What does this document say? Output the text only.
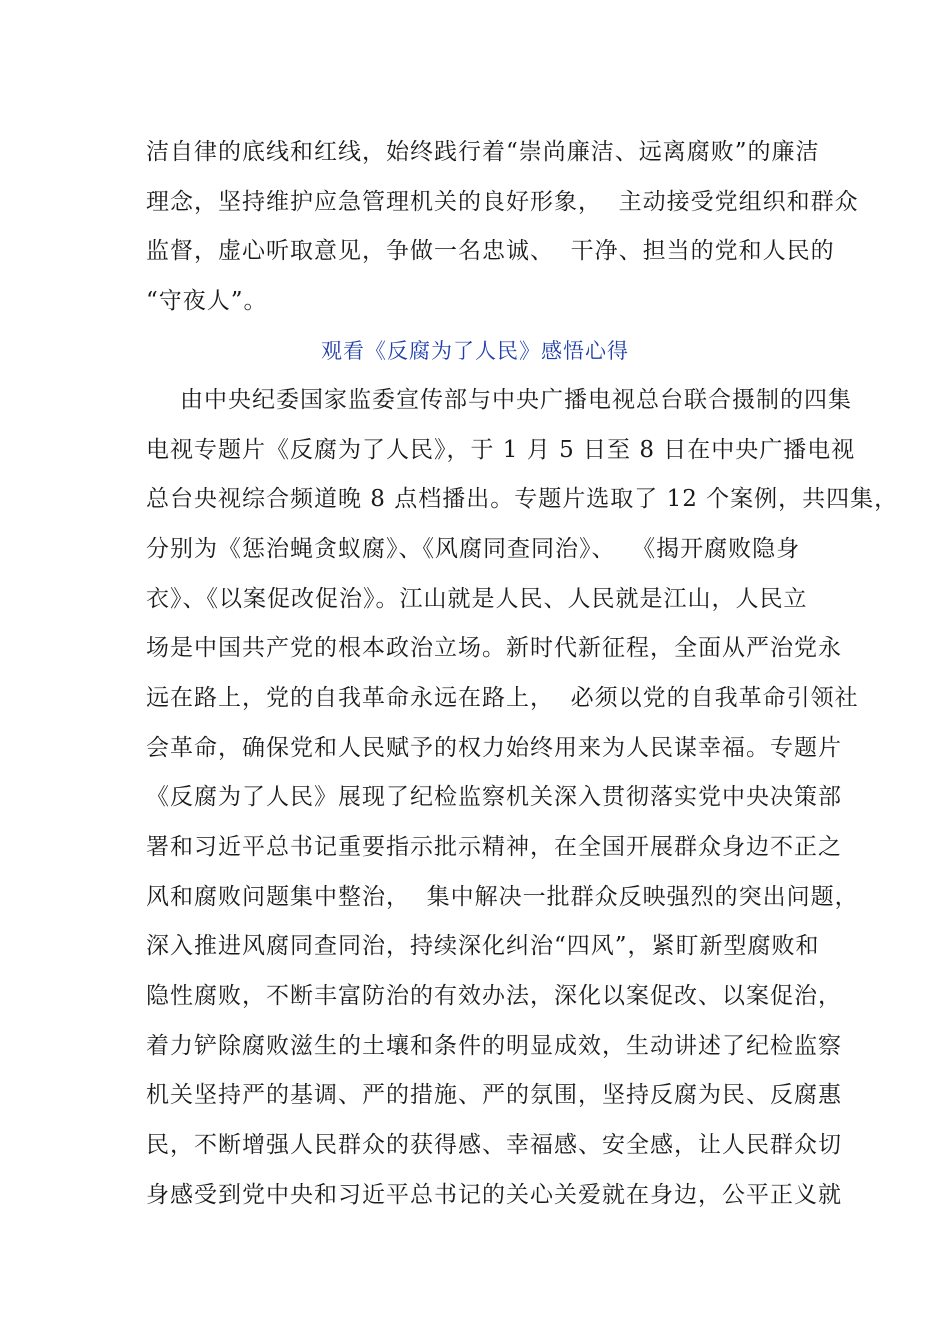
洁自律的底线和红线，始终践行着“崇尚廉洁、远离腐败”的廉洁
理念，坚持维护应急管理机关的良好形象，  主动接受党组织和群众
监督，虚心听取意见，争做一名忠诚、  干净、担当的党和人民的
“守夜人”。
观看《反腐为了人民》感悟心得
由中央纪委国家监委宣传部与中央广播电视总台联合摄制的四集
电视专题片《反腐为了人民》，于 1 月 5 日至 8 日在中央广播电视
总台央视综合频道晚 8 点档播出。专题片选取了 12 个案例，共四集，
分别为《惩治蝇贪蚁腐》、《风腐同查同治》、  《揭开腐败隐身
衣》、《以案促改促治》。江山就是人民、人民就是江山，人民立
场是中国共产党的根本政治立场。新时代新征程，全面从严治党永
远在路上，党的自我革命永远在路上，  必须以党的自我革命引领社
会革命，确保党和人民赋予的权力始终用来为人民谋幸福。专题片
《反腐为了人民》展现了纪检监察机关深入贯彻落实党中央决策部
署和习近平总书记重要指示批示精神，在全国开展群众身边不正之
风和腐败问题集中整治，  集中解决一批群众反映强烈的突出问题，
深入推进风腐同查同治，持续深化纠治“四风”，紧盯新型腐败和
隐性腐败，不断丰富防治的有效办法，深化以案促改、以案促治，
着力铲除腐败滋生的土壤和条件的明显成效，生动讲述了纪检监察
机关坚持严的基调、严的措施、严的氛围，坚持反腐为民、反腐惠
民，不断增强人民群众的获得感、幸福感、安全感，让人民群众切
身感受到党中央和习近平总书记的关心关爱就在身边，公平正义就
